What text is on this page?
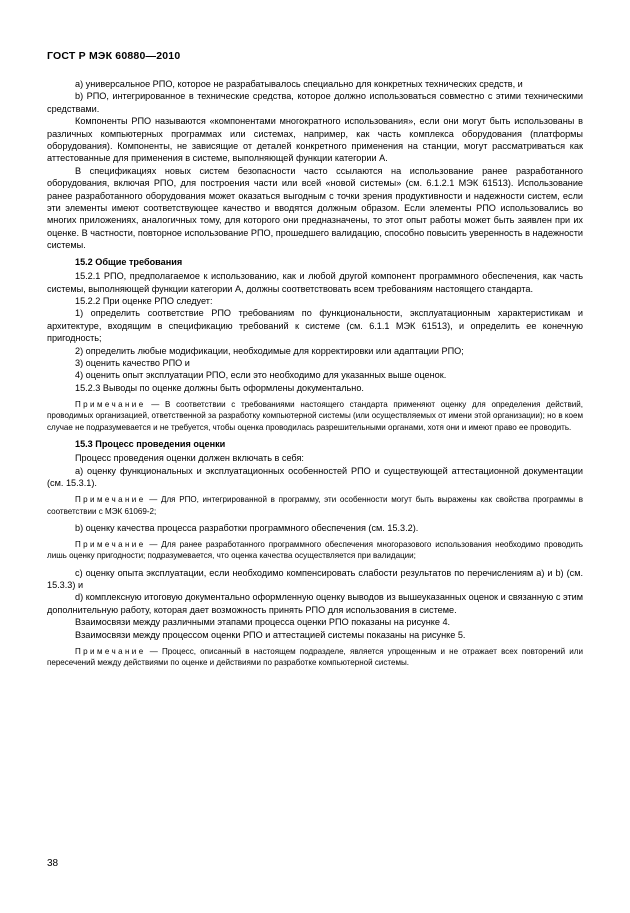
ГОСТ Р МЭК 60880—2010

а) универсальное РПО, которое не разрабатывалось специально для конкретных технических средств, и

b) РПО, интегрированное в технические средства, которое должно использоваться совместно с этими техническими средствами.

Компоненты РПО называются «компонентами многократного использования», если они могут быть использованы в различных компьютерных программах или системах, например, как часть комплекса оборудования (платформы оборудования). Компоненты, не зависящие от деталей конкретного применения на станции, могут рассматриваться как аттестованные для применения в системе, выполняющей функции категории А.

В спецификациях новых систем безопасности часто ссылаются на использование ранее разработанного оборудования, включая РПО, для построения части или всей «новой системы» (см. 6.1.2.1 МЭК 61513). Использование ранее разработанного оборудования может оказаться выгодным с точки зрения продуктивности и надежности систем, если эти элементы имеют соответствующее качество и вводятся должным образом. Если элементы РПО использовались во многих приложениях, аналогичных тому, для которого они предназначены, то этот опыт работы может быть заявлен при их оценке. В частности, повторное использование РПО, прошедшего валидацию, способно повысить уверенность в надежности системы.

15.2 Общие требования

15.2.1 РПО, предполагаемое к использованию, как и любой другой компонент программного обеспечения, как часть системы, выполняющей функции категории А, должны соответствовать всем требованиям настоящего стандарта.

15.2.2 При оценке РПО следует:

1) определить соответствие РПО требованиям по функциональности, эксплуатационным характеристикам и архитектуре, входящим в спецификацию требований к системе (см. 6.1.1 МЭК 61513), и определить ее конечную пригодность;

2) определить любые модификации, необходимые для корректировки или адаптации РПО;

3) оценить качество РПО и

4) оценить опыт эксплуатации РПО, если это необходимо для указанных выше оценок.

15.2.3 Выводы по оценке должны быть оформлены документально.

Примечание — В соответствии с требованиями настоящего стандарта применяют оценку для определения действий, проводимых организацией, ответственной за разработку компьютерной системы (или осуществляемых от имени этой организации); но в коем случае не подразумевается и не требуется, чтобы оценка проводилась разрешительными органами, хотя они и имеют право ее проводить.

15.3 Процесс проведения оценки

Процесс проведения оценки должен включать в себя:

а) оценку функциональных и эксплуатационных особенностей РПО и существующей аттестационной документации (см. 15.3.1).

Примечание — Для РПО, интегрированной в программу, эти особенности могут быть выражены как свойства программы в соответствии с МЭК 61069-2;

b) оценку качества процесса разработки программного обеспечения (см. 15.3.2).

Примечание — Для ранее разработанного программного обеспечения многоразового использования необходимо проводить лишь оценку пригодности; подразумевается, что оценка качества осуществляется при валидации;

с) оценку опыта эксплуатации, если необходимо компенсировать слабости результатов по перечислениям а) и b) (см. 15.3.3) и

d) комплексную итоговую документально оформленную оценку выводов из вышеуказанных оценок и связанную с этим дополнительную работу, которая дает возможность принять РПО для использования в системе.

Взаимосвязи между различными этапами процесса оценки РПО показаны на рисунке 4.

Взаимосвязи между процессом оценки РПО и аттестацией системы показаны на рисунке 5.

Примечание — Процесс, описанный в настоящем подразделе, является упрощенным и не отражает всех повторений или пересечений между действиями по оценке и действиями по разработке компьютерной системы.

38
